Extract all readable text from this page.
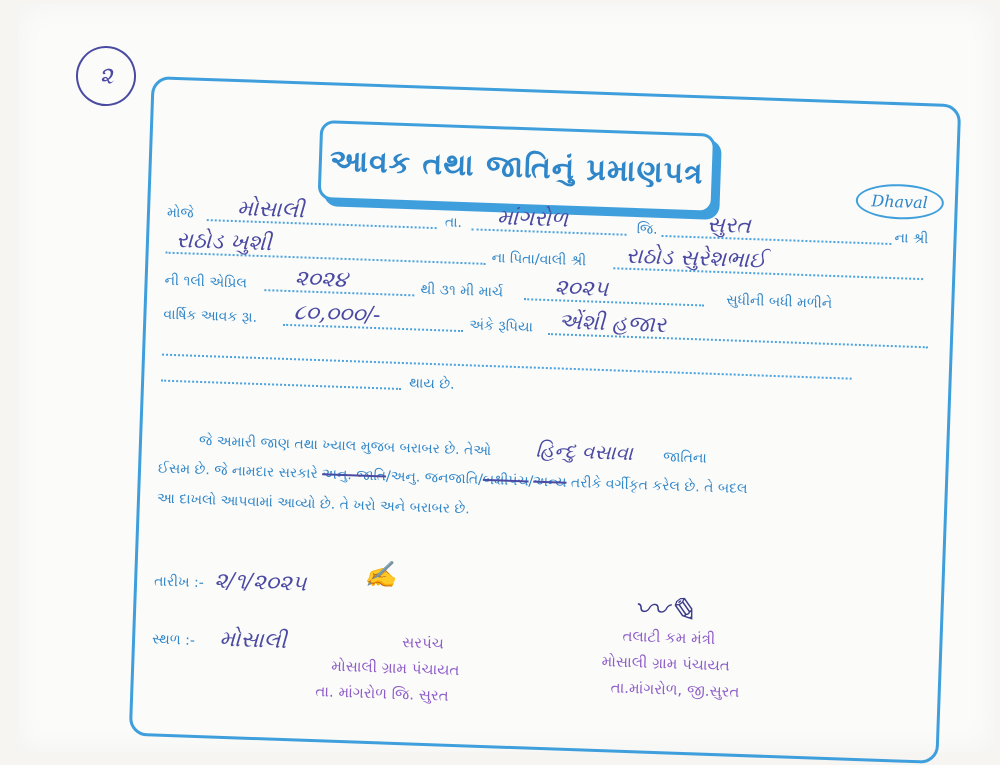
૨
આવક તથા જાતિનું પ્રમાણપત્ર
Dhaval
મોજે મોસાલી	તા. માંગરોળ	જિ. સુરત	ના શ્રી
રાઠોડ ખુશી
ના પિતા/વાલી શ્રી રાઠોડ સુરેશભાઈ
ની ૧લી એપ્રિલ ૨૦૨૪	થી ૩૧ મી માર્ચ ૨૦૨૫	સુધીની બધી મળીને
વાર્ષિક આવક રૂા. ૮૦,૦૦૦/-	અંકે રૂપિયા એંશી હજાર
થાય છે.
જે અમારી જાણ તથા ખ્યાલ મુજબ બરાબર છે. તેઓ હિન્દુ વસાવા જાતિના
ઈસમ છે. જે નામદાર સરકારે અનુ. જાતિ/અનુ. જનજાતિ/બક્ષીપંચ/અન્ય તરીકે વર્ગીકૃત કરેલ છે. તે બદલ
આ દાખલો આપવામાં આવ્યો છે. તે ખરો અને બરાબર છે.
તારીખ :- ૨/૧/૨૦૨૫
સ્થળ :- મોસાલી
✍
સરપંચ
મોસાલી ગ્રામ પંચાયત
તા. માંગરોળ જિ. સુરત
〰✎
તલાટી કમ મંત્રી
મોસાલી ગ્રામ પંચાયત
તા.માંગરોળ, જી.સુરત
